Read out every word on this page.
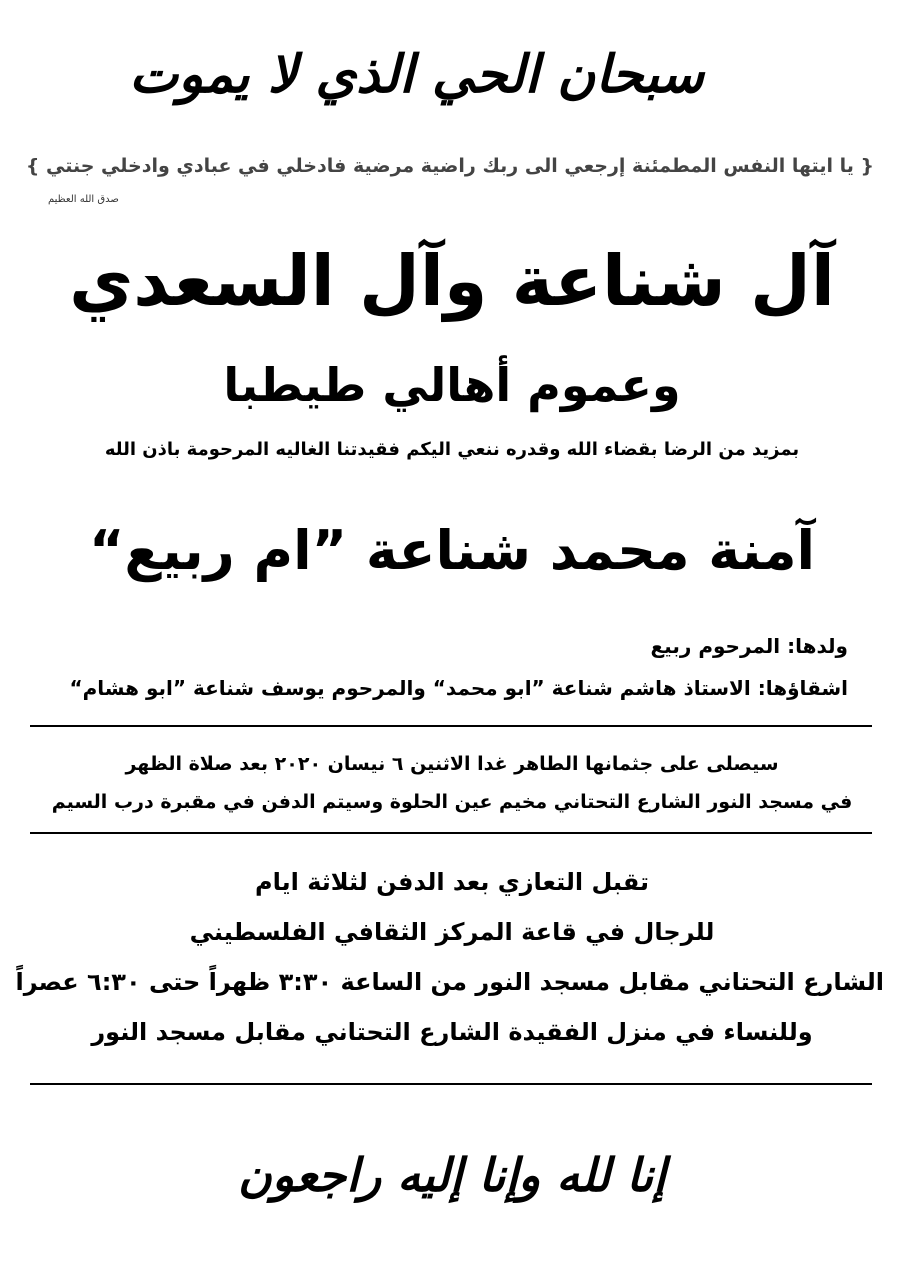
سبحان الحي الذي لا يموت
{ يا ايتها النفس المطمئنة إرجعي الى ربك راضية مرضية فادخلي في عبادي وادخلي جنتي }
صدق الله العظيم
آل شناعة وآل السعدي
وعموم أهالي طيطبا
بمزيد من الرضا بقضاء الله وقدره ننعي اليكم فقيدتنا الغاليه المرحومة باذن الله
آمنة محمد شناعة ”ام ربيع“
ولدها: المرحوم ربيع
اشقاؤها: الاستاذ هاشم شناعة ”ابو محمد“ والمرحوم يوسف شناعة ”ابو هشام“
سيصلى على جثمانها الطاهر غدا الاثنين ٦ نيسان ٢٠٢٠ بعد صلاة الظهر
في مسجد النور الشارع التحتاني مخيم عين الحلوة وسيتم الدفن في مقبرة درب السيم
تقبل التعازي بعد الدفن لثلاثة ايام
للرجال في قاعة المركز الثقافي الفلسطيني
الشارع التحتاني مقابل مسجد النور من الساعة ٣:٣٠ ظهراً حتى ٦:٣٠ عصراً
وللنساء في منزل الفقيدة الشارع التحتاني مقابل مسجد النور
إنا لله وإنا إليه راجعون
